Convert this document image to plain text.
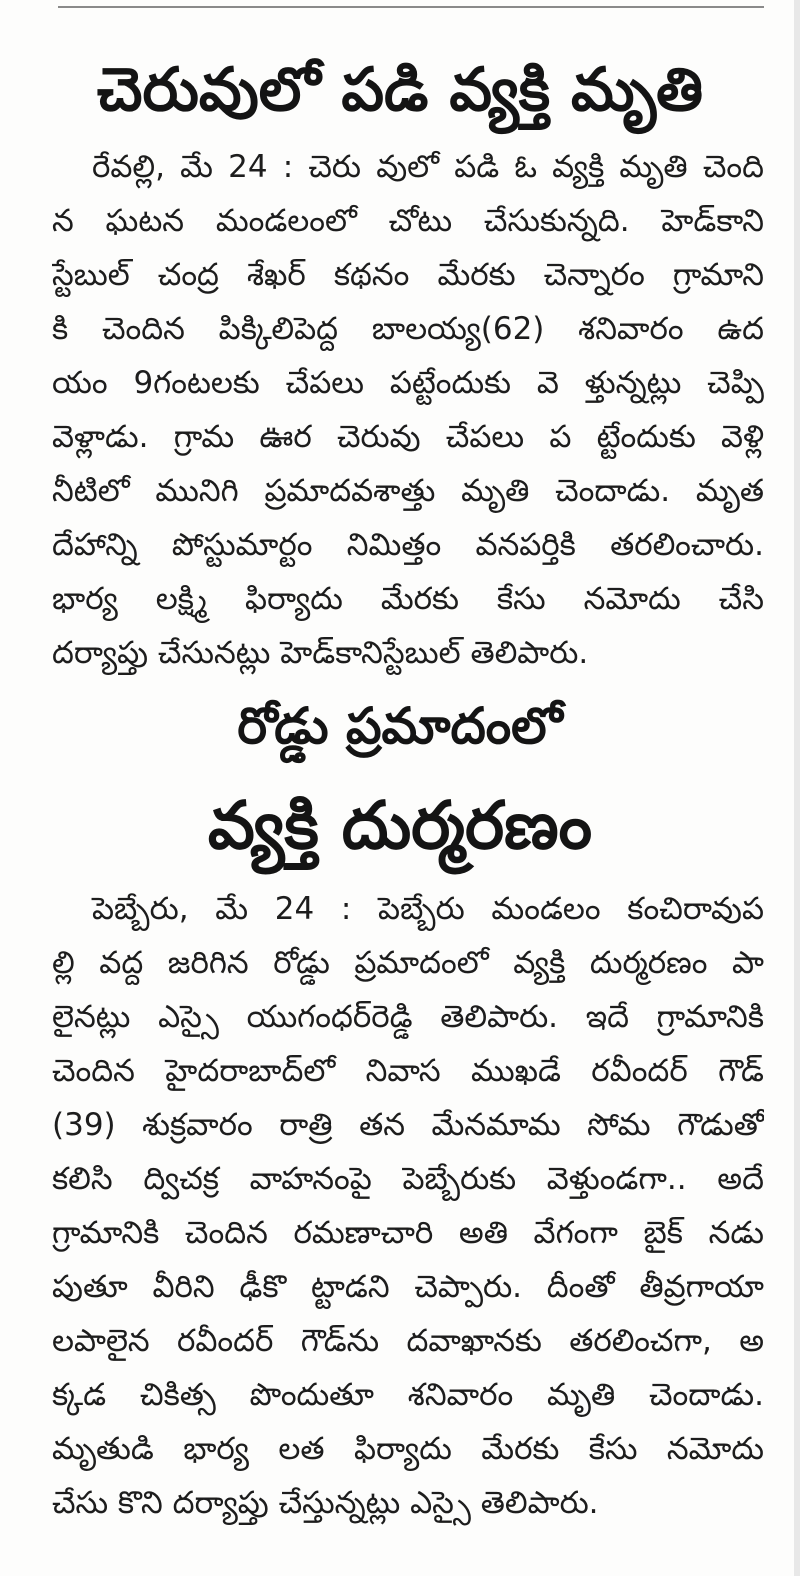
చెరువులో పడి వ్యక్తి మృతి
రేవల్లి, మే 24 : చెరు వులో పడి ఓ వ్యక్తి మృతి చెంది
న ఘటన మండలంలో చోటు చేసుకున్నది. హెడ్‌కాని
స్టేబుల్ చంద్ర శేఖర్ కథనం మేరకు చెన్నారం గ్రామాని
కి చెందిన పిక్కిలిపెద్ద బాలయ్య(62) శనివారం ఉద
యం 9గంటలకు చేపలు పట్టేందుకు వె ళ్తున్నట్లు చెప్పి
వెళ్లాడు. గ్రామ ఊర చెరువు చేపలు ప ట్టేందుకు వెళ్లి
నీటిలో మునిగి ప్రమాదవశాత్తు మృతి చెందాడు. మృత
దేహాన్ని పోస్టుమార్టం నిమిత్తం వనపర్తికి తరలించారు.
భార్య లక్ష్మి ఫిర్యాదు మేరకు కేసు నమోదు చేసి
దర్యాప్తు చేసునట్లు హెడ్‌కానిస్టేబుల్ తెలిపారు.
రోడ్డు ప్రమాదంలో
వ్యక్తి దుర్మరణం
పెబ్బేరు, మే 24 : పెబ్బేరు మండలం కంచిరావుప
ల్లి వద్ద జరిగిన రోడ్డు ప్రమాదంలో వ్యక్తి దుర్మరణం పా
లైనట్లు ఎస్సై యుగంధర్‌రెడ్డి తెలిపారు. ఇదే గ్రామానికి
చెందిన హైదరాబాద్‌లో నివాస ముఖడే రవీందర్ గౌడ్
(39) శుక్రవారం రాత్రి తన మేనమామ సోమ గౌడుతో
కలిసి ద్విచక్ర వాహనంపై పెబ్బేరుకు వెళ్తుండగా.. అదే
గ్రామానికి చెందిన రమణాచారి అతి వేగంగా బైక్ నడు
పుతూ వీరిని ఢీకొ ట్టాడని చెప్పారు. దీంతో తీవ్రగాయా
లపాలైన రవీందర్ గౌడ్‌ను దవాఖానకు తరలించగా, అ
క్కడ చికిత్స పొందుతూ శనివారం మృతి చెందాడు.
మృతుడి భార్య లత ఫిర్యాదు మేరకు కేసు నమోదు
చేసు కొని దర్యాప్తు చేస్తున్నట్లు ఎస్సై తెలిపారు.
